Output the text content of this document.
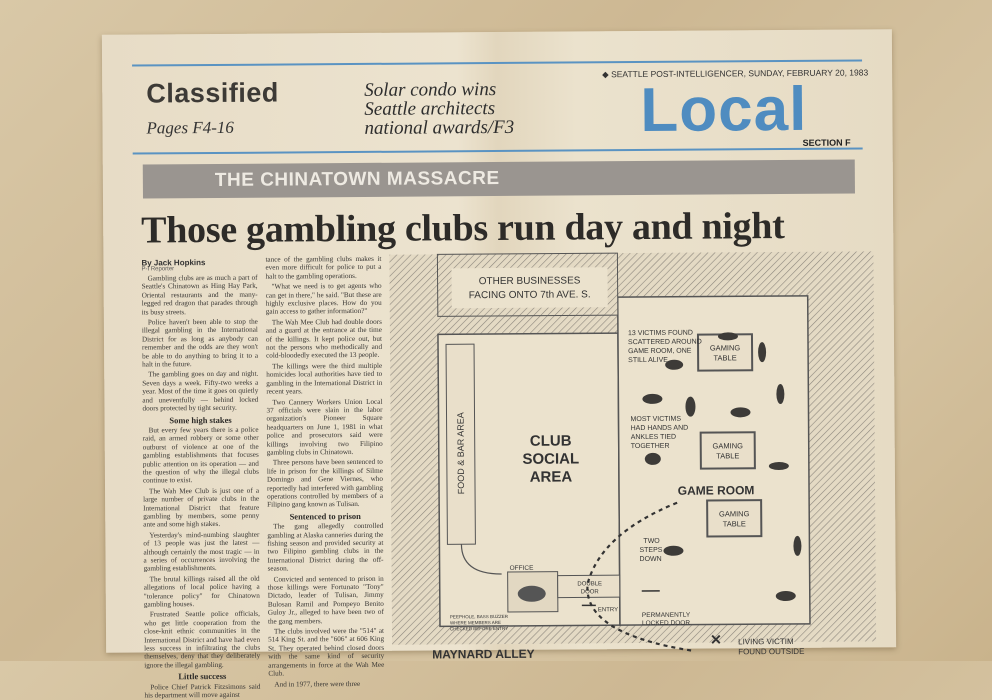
Classified
Pages F4-16
Solar condo wins
Seattle architects
national awards/F3
◆ SEATTLE POST-INTELLIGENCER, SUNDAY, FEBRUARY 20, 1983
Local
SECTION F
THE CHINATOWN MASSACRE
Those gambling clubs run day and night
By Jack Hopkins
P-I Reporter

Gambling clubs are as much a part of Seattle's Chinatown as Hing Hay Park, Oriental restaurants and the many-legged red dragon that parades through its busy streets.

Police haven't been able to stop the illegal gambling in the International District for as long as anybody can remember and the odds are they won't be able to do anything to bring it to a halt in the future.

The gambling goes on day and night. Seven days a week. Fifty-two weeks a year. Most of the time it goes on quietly and uneventfully — behind locked doors protected by tight security.

Some high stakes

But every few years there is a police raid, an armed robbery or some other outburst of violence at one of the gambling establishments that focuses public attention on its operation — and the question of why the illegal clubs continue to exist.

The Wah Mee Club is just one of a large number of private clubs in the International District that feature gambling by members, some penny ante and some high stakes.

Yesterday's mind-numbing slaughter of 13 people was just the latest — although certainly the most tragic — in a series of occurrences involving the gambling establishments.

The brutal killings raised all the old allegations of local police having a "tolerance policy" for Chinatown gambling houses.

Frustrated Seattle police officials, who get little cooperation from the close-knit ethnic communities in the International District and have had even less success in infiltrating the clubs themselves, deny that they deliberately ignore the illegal gambling.

Little success

Police Chief Patrick Fitzsimons said his department will move against

tance of the gambling clubs makes it even more difficult for police to put a halt to the gambling operations.

"What we need is to get agents who can get in there," he said. "But these are highly exclusive places. How do you gain access to gather information?"

The Wah Mee Club had double doors and a guard at the entrance at the time of the killings. It kept police out, but not the persons who methodically and cold-bloodedly executed the 13 people.

The killings were the third multiple homicides local authorities have tied to gambling in the International District in recent years.

Two Cannery Workers Union Local 37 officials were slain in the labor organization's Pioneer Square headquarters on June 1, 1981 in what police and prosecutors said were killings involving two Filipino gambling clubs in Chinatown.

Three persons have been sentenced to life in prison for the killings of Silme Domingo and Gene Viernes, who reportedly had interfered with gambling operations controlled by members of a Filipino gang known as Tulisan.

Sentenced to prison

The gang allegedly controlled gambling at Alaska canneries during the fishing season and provided security at two Filipino gambling clubs in the International District during the off-season.

Convicted and sentenced to prison in those killings were Fortunato "Tony" Dictado, leader of Tulisan, Jimmy Bulosan Ramil and Pompeyo Benito Guloy Jr., alleged to have been two of the gang members.

The clubs involved were the "514" at 514 King St. and the "606" at 606 King St. They operated behind closed doors with the same kind of security arrangements in force at the Wah Mee Club.

And in 1977, there were three

OTHER BUSINESSES
FACING ONTO 7th AVE. S.
FOOD & BAR AREA	CLUB
SOCIAL
AREA
13 VICTIMS FOUND
SCATTERED AROUND
GAME ROOM, ONE
STILL ALIVE
MOST VICTIMS
HAD HANDS AND
ANKLES TIED
TOGETHER
GAMING
TABLE
GAMING
TABLE
GAMING
TABLE
GAME ROOM
TWO
STEPS
DOWN
OFFICE
DOUBLE
DOOR
ENTRY
PEEPHOLE, BASS BUZZER
WHERE MEMBERS ARE
CHECKED BEFORE ENTRY
PERMANENTLY
LOCKED DOOR
✕ LIVING VICTIM
FOUND OUTSIDE
MAYNARD ALLEY
